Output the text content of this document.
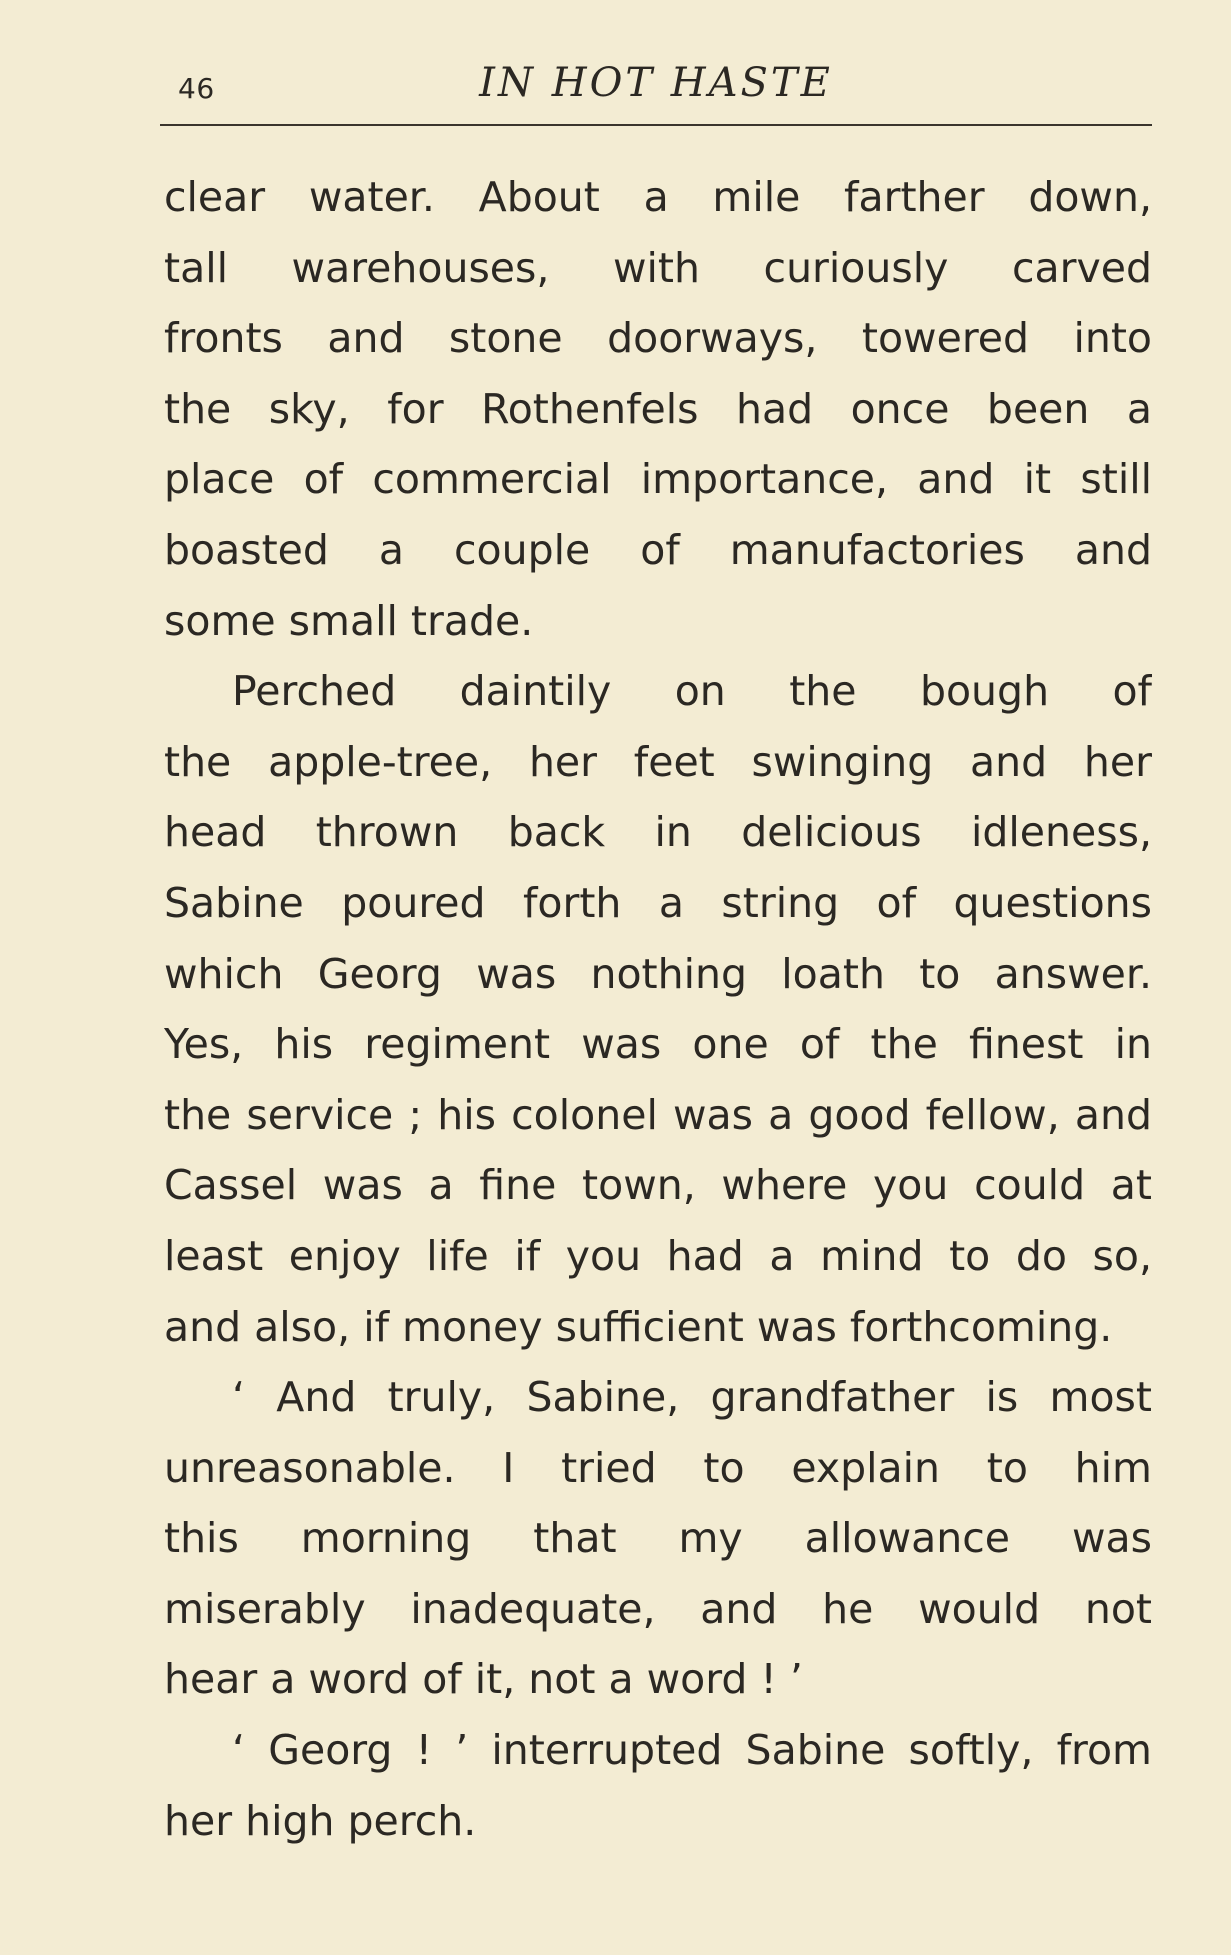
46	IN HOT HASTE
clear water. About a mile farther down,
tall warehouses, with curiously carved
fronts and stone doorways, towered into
the sky, for Rothenfels had once been a
place of commercial importance, and it still
boasted a couple of manufactories and
some small trade.
Perched daintily on the bough of
the apple-tree, her feet swinging and her
head thrown back in delicious idleness,
Sabine poured forth a string of questions
which Georg was nothing loath to answer.
Yes, his regiment was one of the finest in
the service ; his colonel was a good fellow, and
Cassel was a fine town, where you could at
least enjoy life if you had a mind to do so,
and also, if money sufficient was forthcoming.
‘ And truly, Sabine, grandfather is most
unreasonable. I tried to explain to him
this morning that my allowance was
miserably inadequate, and he would not
hear a word of it, not a word ! ’
‘ Georg ! ’ interrupted Sabine softly, from
her high perch.
